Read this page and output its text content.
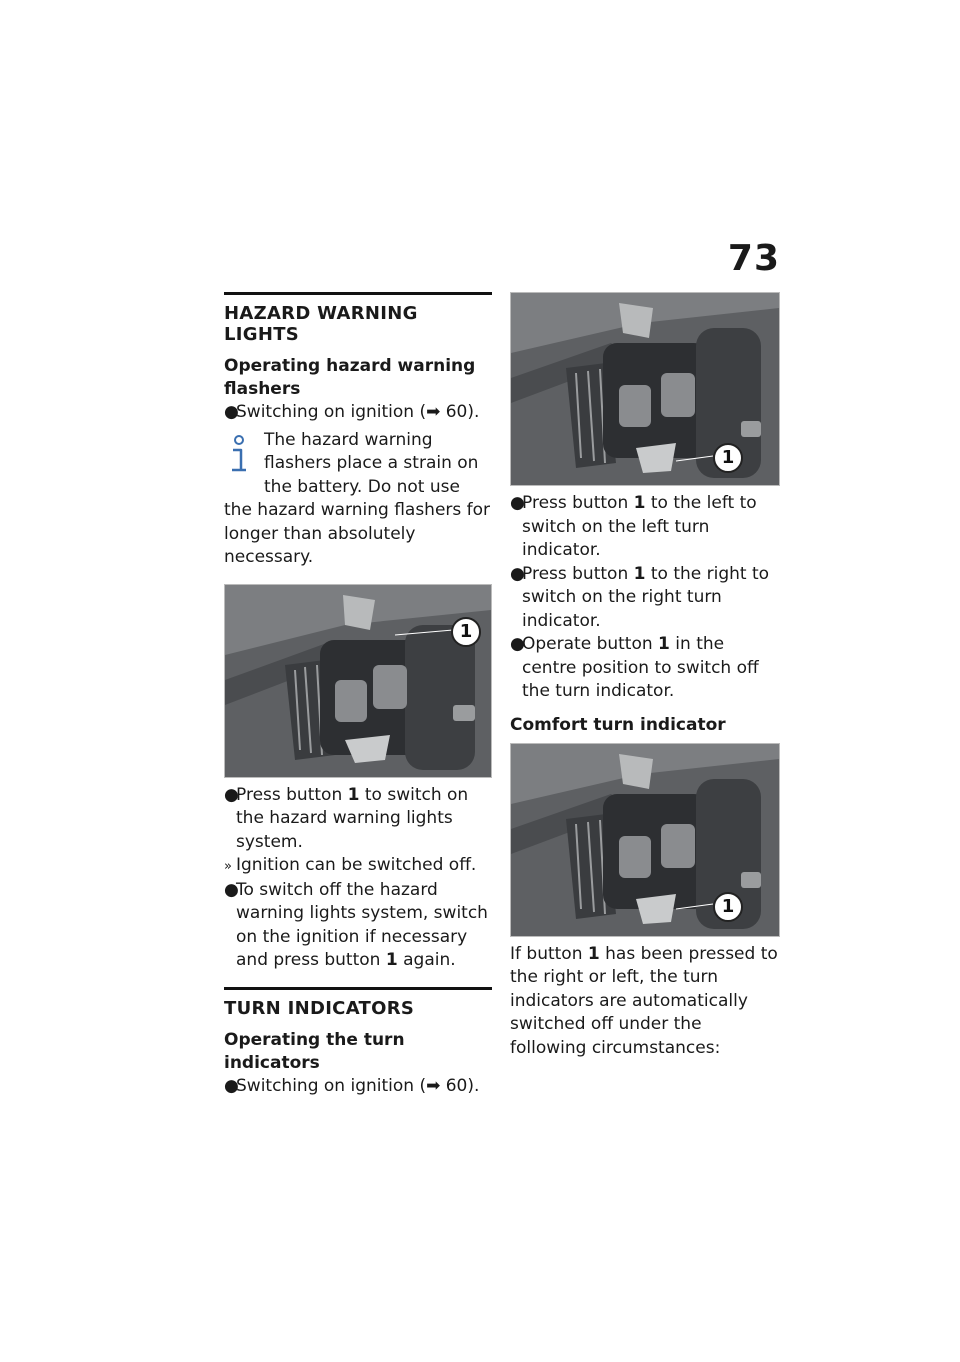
73
HAZARD WARNING LIGHTS

Operating hazard warning flashers

●Switching on ignition (➡ 60).

The hazard warning flashers place a strain on the battery. Do not use the hazard warning flashers for longer than absolutely necessary.
1

●Press button 1 to switch on the hazard warning lights system.

» Ignition can be switched off.

●To switch off the hazard warning lights system, switch on the ignition if necessary and press button 1 again.

TURN INDICATORS

Operating the turn indicators

●Switching on ignition (➡ 60).

1

●Press button 1 to the left to switch on the left turn indicator.

●Press button 1 to the right to switch on the right turn indicator.

●Operate button 1 in the centre position to switch off the turn indicator.

Comfort turn indicator

1

If button 1 has been pressed to the right or left, the turn indicators are automatically switched off under the following circumstances:
